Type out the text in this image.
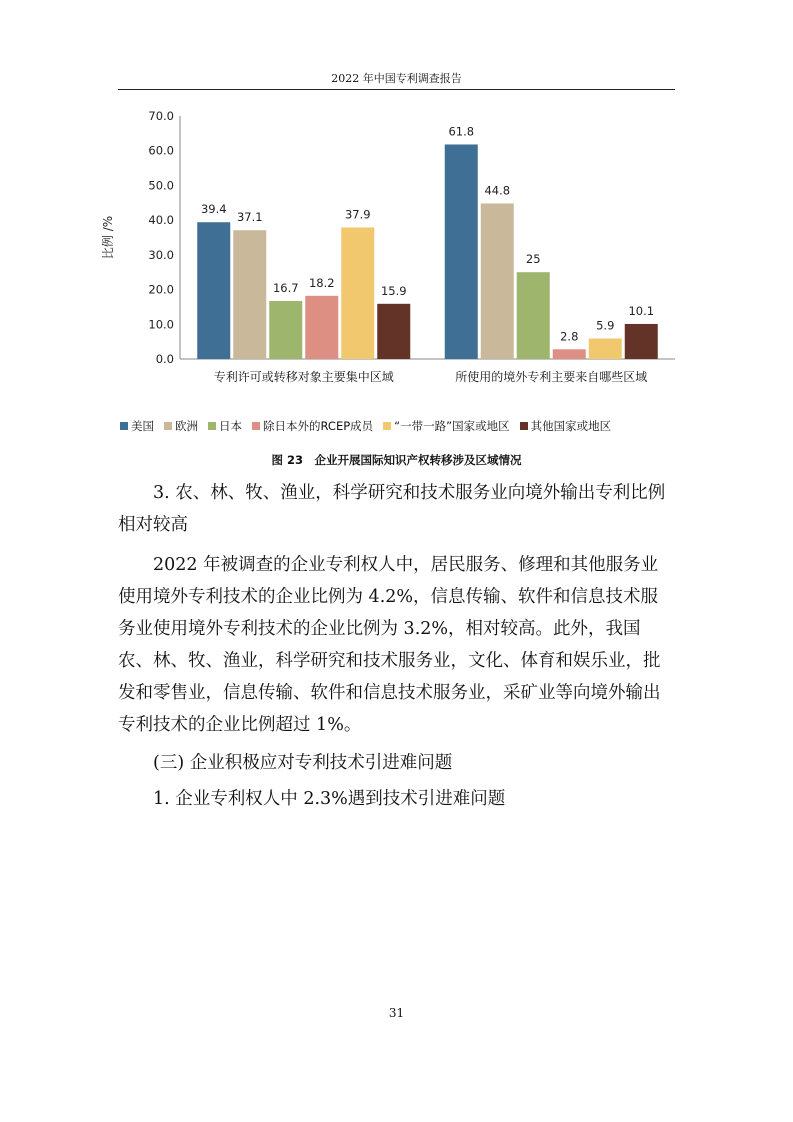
2022 年中国专利调查报告
0.0
10.0
20.0
30.0
40.0
50.0
60.0
70.0
比例 /%
39.4
37.1
16.7 18.2
37.9
15.9
专利许可或转移对象主要集中区域
61.8
44.8
25
2.8
5.9
10.1
所使用的境外专利主要来自哪些区域
美国 欧洲 日本 除日本外的RCEP成员 “一带一路”国家或地区 其他国家或地区
图 23　企业开展国际知识产权转移涉及区域情况

3. 农、林、牧、渔业，科学研究和技术服务业向境外输出专利比例相对较高

2022 年被调查的企业专利权人中，居民服务、修理和其他服务业使用境外专利技术的企业比例为 4.2%，信息传输、软件和信息技术服务业使用境外专利技术的企业比例为 3.2%，相对较高。此外，我国农、林、牧、渔业，科学研究和技术服务业，文化、体育和娱乐业，批发和零售业，信息传输、软件和信息技术服务业，采矿业等向境外输出专利技术的企业比例超过 1%。

(三) 企业积极应对专利技术引进难问题

1. 企业专利权人中 2.3%遇到技术引进难问题

31
